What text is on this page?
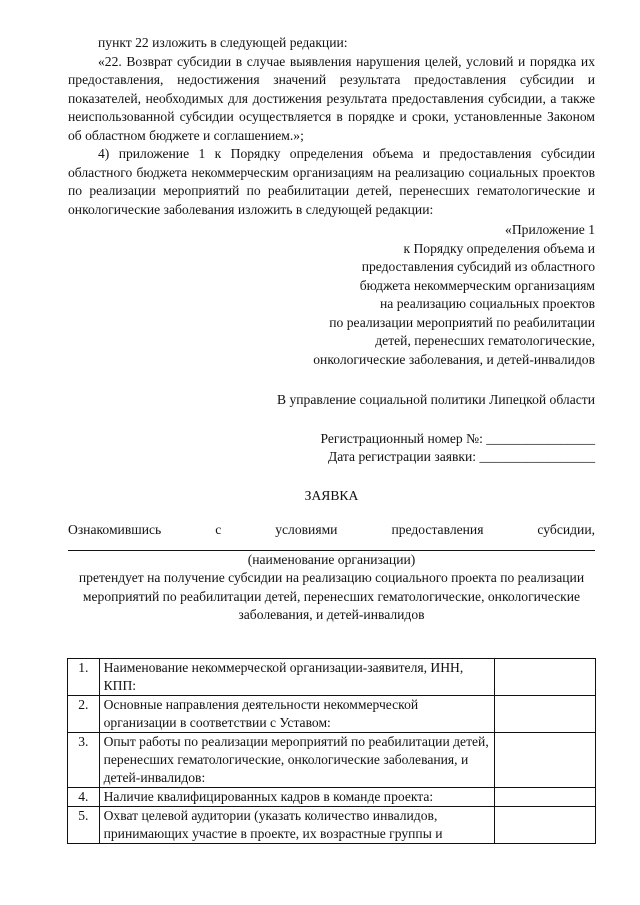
пункт 22 изложить в следующей редакции:

«22. Возврат субсидии в случае выявления нарушения целей, условий и порядка их предоставления, недостижения значений результата предоставления субсидии и показателей, необходимых для достижения результата предоставления субсидии, а также неиспользованной субсидии осуществляется в порядке и сроки, установленные Законом об областном бюджете и соглашением.»;

4) приложение 1 к Порядку определения объема и предоставления субсидии областного бюджета некоммерческим организациям на реализацию социальных проектов по реализации мероприятий по реабилитации детей, перенесших гематологические и онкологические заболевания изложить в следующей редакции:

«Приложение 1

к Порядку определения объема и

предоставления субсидий из областного

бюджета некоммерческим организациям

на реализацию социальных проектов

по реализации мероприятий по реабилитации

детей, перенесших гематологические,

онкологические заболевания, и детей-инвалидов

В управление социальной политики Липецкой области

Регистрационный номер №: ________________

Дата регистрации заявки: _________________

ЗАЯВКА

Ознакомившись с условиями предоставления субсидии,

(наименование организации)

претендует на получение субсидии на реализацию социального проекта по реализации мероприятий по реабилитации детей, перенесших гематологические, онкологические заболевания, и детей-инвалидов

1.	Наименование некоммерческой организации-заявителя, ИНН, КПП:	
2.	Основные направления деятельности некоммерческой организации в соответствии с Уставом:	
3.	Опыт работы по реализации мероприятий по реабилитации детей, перенесших гематологические, онкологические заболевания, и детей-инвалидов:	
4.	Наличие квалифицированных кадров в команде проекта:	
5.	Охват целевой аудитории (указать количество инвалидов, принимающих участие в проекте, их возрастные группы и	
